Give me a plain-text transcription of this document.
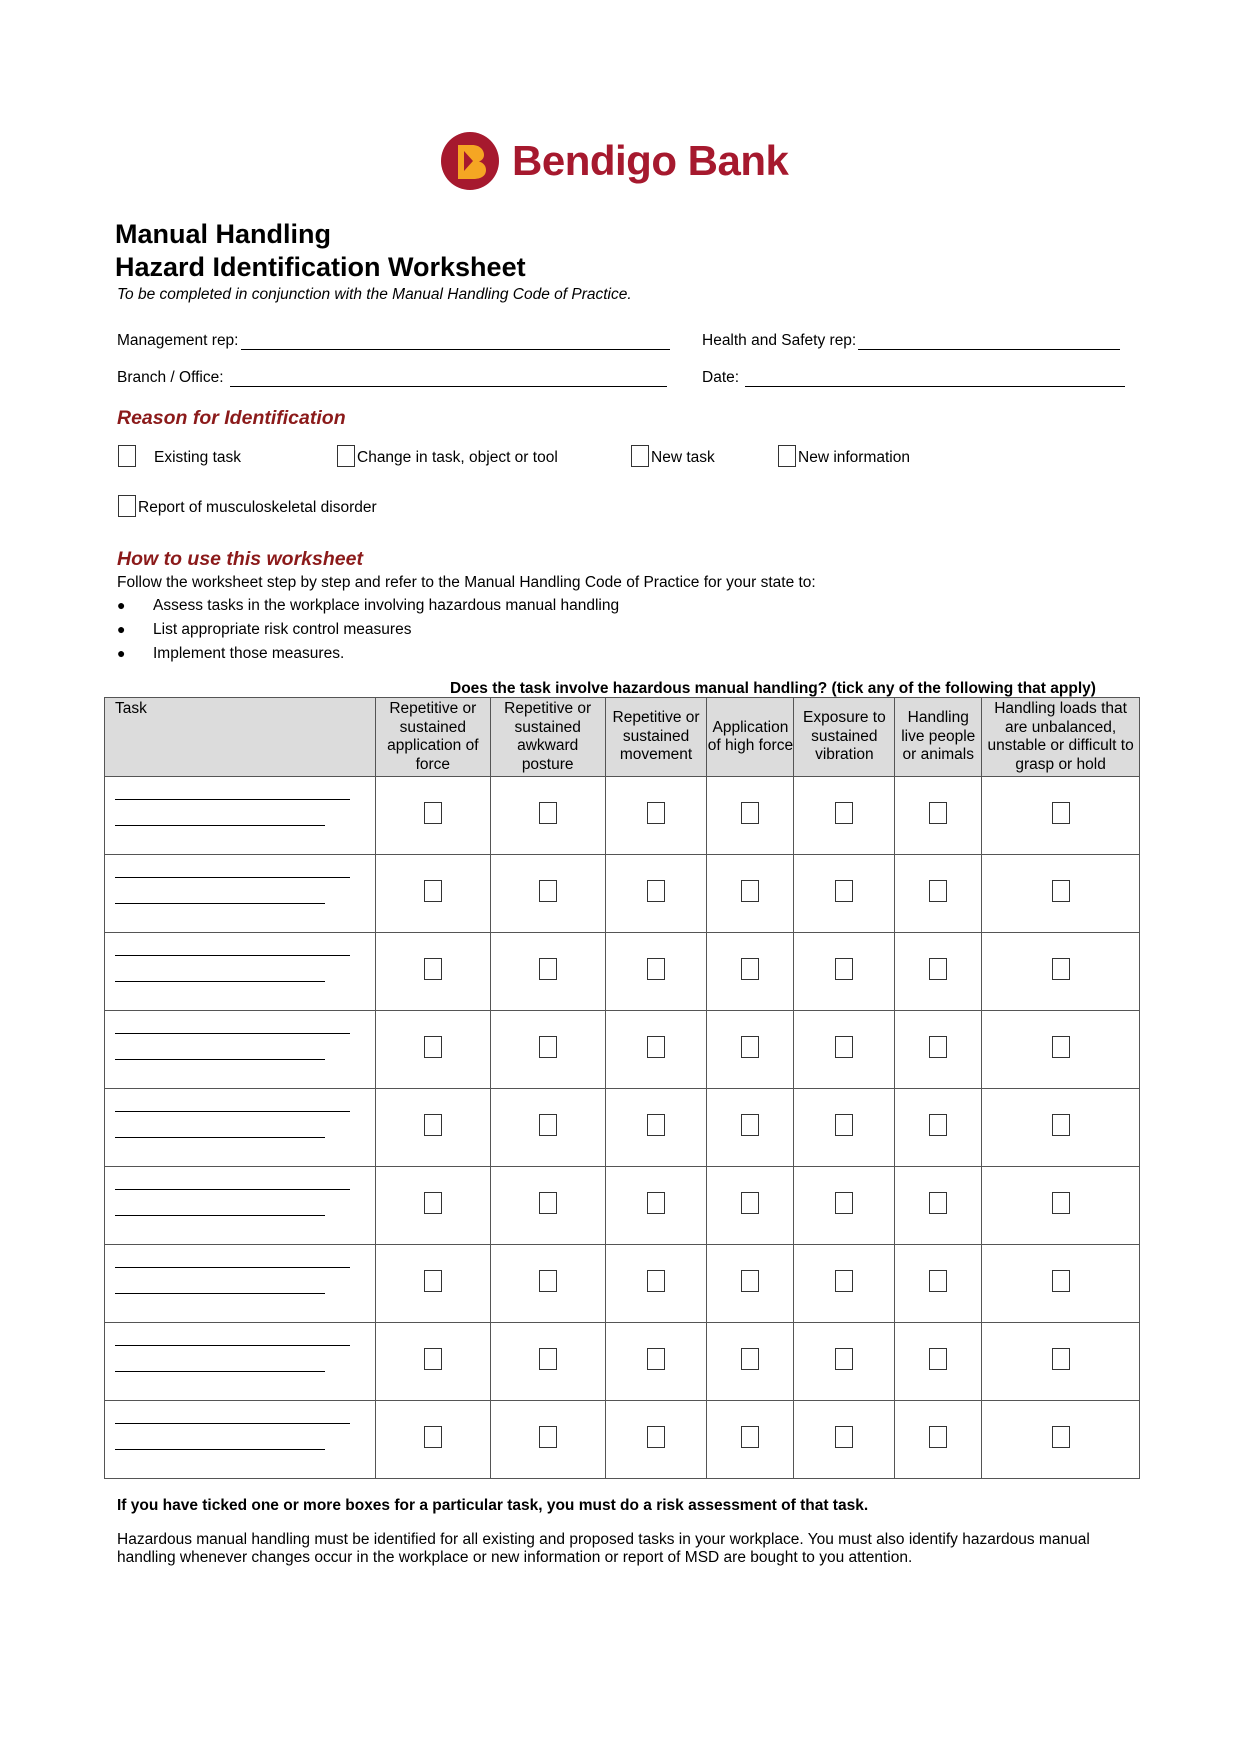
Bendigo Bank
Manual Handling
Hazard Identification Worksheet
To be completed in conjunction with the Manual Handling Code of Practice.
Management rep:	Health and Safety rep:
Branch / Office:	Date:
Reason for Identification
Existing task	Change in task, object or tool	New task	New information
Report of musculoskeletal disorder
How to use this worksheet
Follow the worksheet step by step and refer to the Manual Handling Code of Practice for your state to:
●	Assess tasks in the workplace involving hazardous manual handling
●	List appropriate risk control measures
●	Implement those measures.
Does the task involve hazardous manual handling? (tick any of the following that apply)
Task	Repetitive or sustained application of force	Repetitive or sustained awkward posture	Repetitive or sustained movement	Application of high force	Exposure to sustained vibration	Handling live people or animals	Handling loads that are unbalanced, unstable or difficult to grasp or hold

If you have ticked one or more boxes for a particular task, you must do a risk assessment of that task.
Hazardous manual handling must be identified for all existing and proposed tasks in your workplace. You must also identify hazardous manual handling whenever changes occur in the workplace or new information or report of MSD are bought to you attention.
